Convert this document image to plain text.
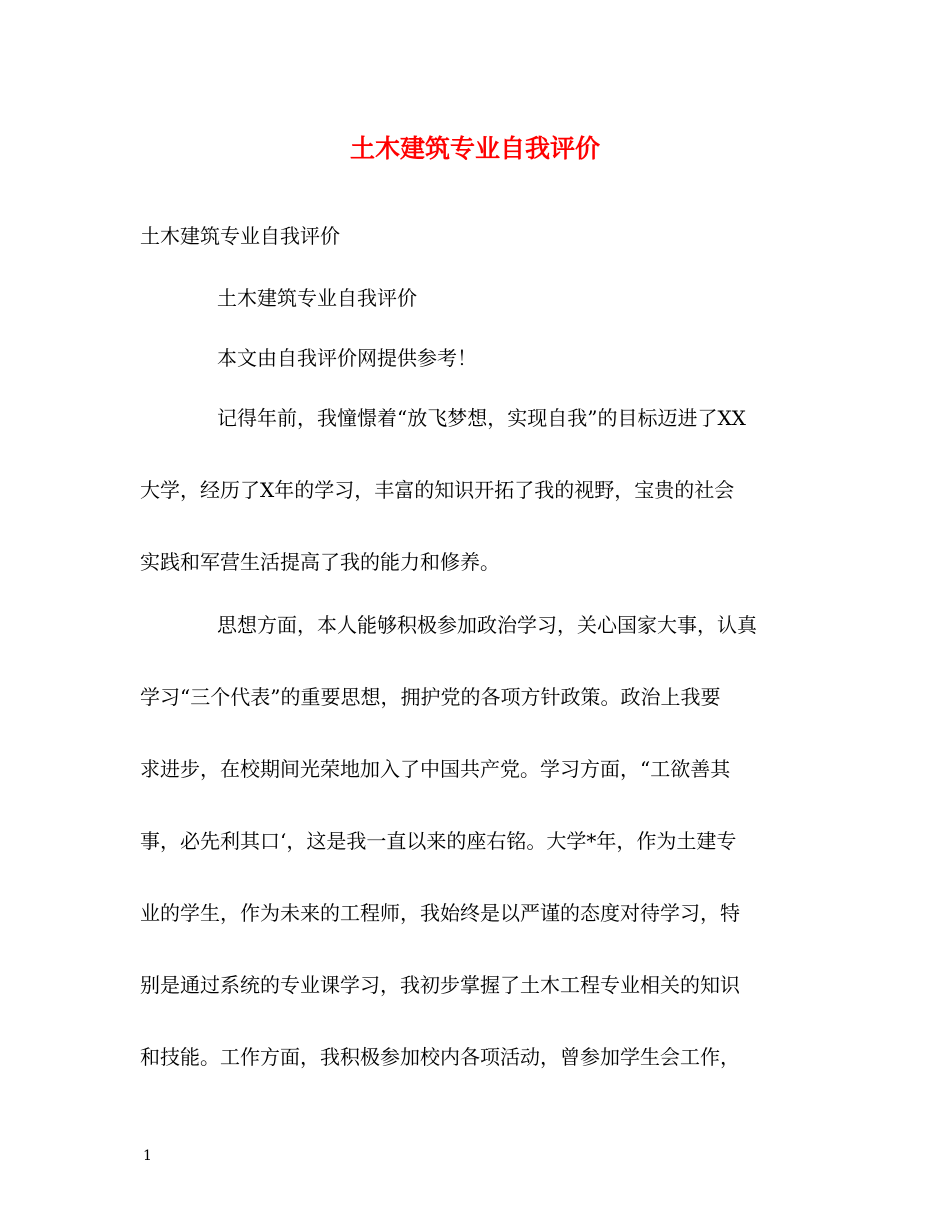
土木建筑专业自我评价
土木建筑专业自我评价
土木建筑专业自我评价
本文由自我评价网提供参考！
记得年前，我憧憬着“放飞梦想，实现自我”的目标迈进了XX
大学，经历了X年的学习，丰富的知识开拓了我的视野，宝贵的社会
实践和军营生活提高了我的能力和修养。
思想方面，本人能够积极参加政治学习，关心国家大事，认真
学习“三个代表”的重要思想，拥护党的各项方针政策。政治上我要
求进步，在校期间光荣地加入了中国共产党。学习方面，“工欲善其
事，必先利其口‘，这是我一直以来的座右铭。大学*年，作为土建专
业的学生，作为未来的工程师，我始终是以严谨的态度对待学习，特
别是通过系统的专业课学习，我初步掌握了土木工程专业相关的知识
和技能。工作方面，我积极参加校内各项活动，曾参加学生会工作，
1
